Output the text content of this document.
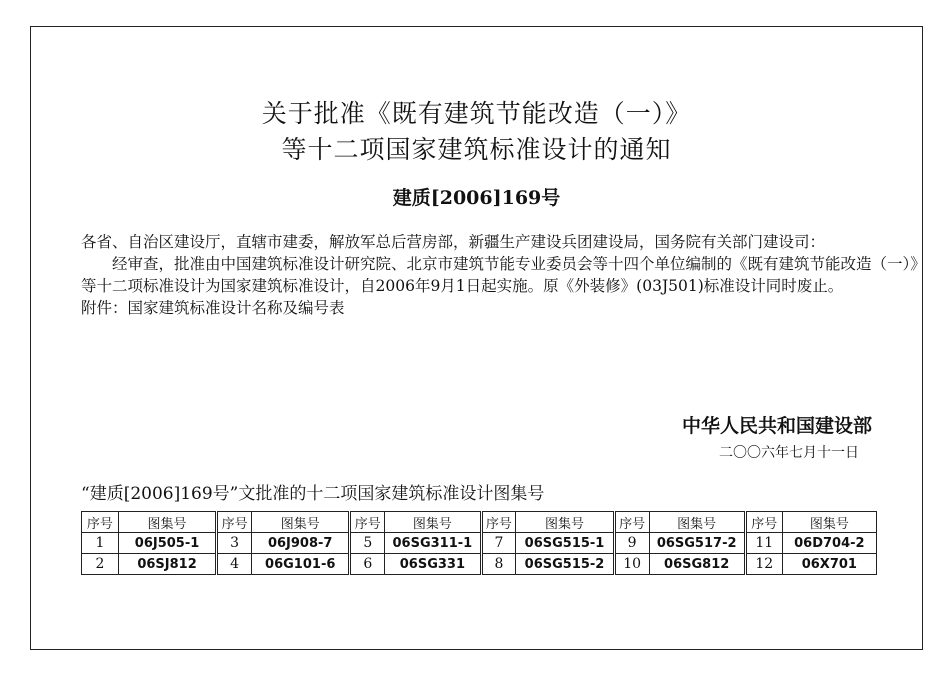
关于批准《既有建筑节能改造（一）》
等十二项国家建筑标准设计的通知
建质[2006]169号

各省、自治区建设厅，直辖市建委，解放军总后营房部，新疆生产建设兵团建设局，国务院有关部门建设司：

经审查，批准由中国建筑标准设计研究院、北京市建筑节能专业委员会等十四个单位编制的《既有建筑节能改造（一）》等十二项标准设计为国家建筑标准设计，自2006年9月1日起实施。原《外装修》(03J501)标准设计同时废止。

附件：国家建筑标准设计名称及编号表

中华人民共和国建设部
二〇〇六年七月十一日
“建质[2006]169号”文批准的十二项国家建筑标准设计图集号
序号	图集号	序号	图集号	序号	图集号	序号	图集号	序号	图集号	序号	图集号
1	06J505-1	3	06J908-7	5	06SG311-1	7	06SG515-1	9	06SG517-2	11	06D704-2
2	06SJ812	4	06G101-6	6	06SG331	8	06SG515-2	10	06SG812	12	06X701
